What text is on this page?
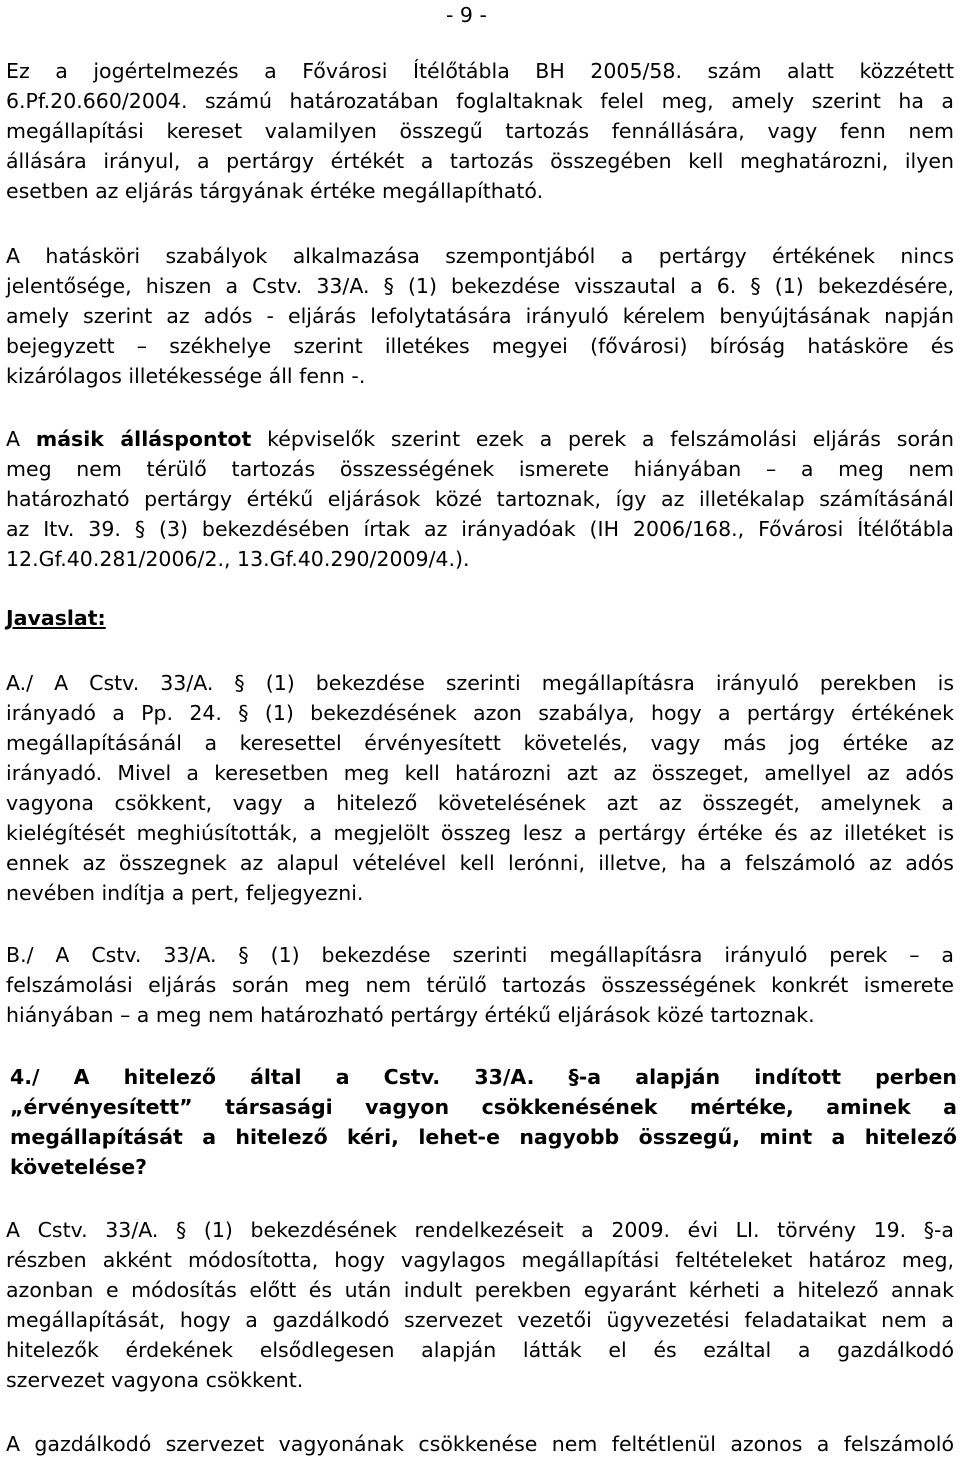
- 9 -

Ez a jogértelmezés a Fővárosi Ítélőtábla BH 2005/58. szám alatt közzétett
6.Pf.20.660/2004. számú határozatában foglaltaknak felel meg, amely szerint ha a
megállapítási kereset valamilyen összegű tartozás fennállására, vagy fenn nem
állására irányul, a pertárgy értékét a tartozás összegében kell meghatározni, ilyen
esetben az eljárás tárgyának értéke megállapítható.

A hatásköri szabályok alkalmazása szempontjából a pertárgy értékének nincs
jelentősége, hiszen a Cstv. 33/A. § (1) bekezdése visszautal a 6. § (1) bekezdésére,
amely szerint az adós - eljárás lefolytatására irányuló kérelem benyújtásának napján
bejegyzett – székhelye szerint illetékes megyei (fővárosi) bíróság hatásköre és
kizárólagos illetékessége áll fenn -.

A másik álláspontot képviselők szerint ezek a perek a felszámolási eljárás során
meg nem térülő tartozás összességének ismerete hiányában – a meg nem
határozható pertárgy értékű eljárások közé tartoznak, így az illetékalap számításánál
az Itv. 39. § (3) bekezdésében írtak az irányadóak (IH 2006/168., Fővárosi Ítélőtábla
12.Gf.40.281/2006/2., 13.Gf.40.290/2009/4.).

Javaslat:

A./ A Cstv. 33/A. § (1) bekezdése szerinti megállapításra irányuló perekben is
irányadó a Pp. 24. § (1) bekezdésének azon szabálya, hogy a pertárgy értékének
megállapításánál a keresettel érvényesített követelés, vagy más jog értéke az
irányadó. Mivel a keresetben meg kell határozni azt az összeget, amellyel az adós
vagyona csökkent, vagy a hitelező követelésének azt az összegét, amelynek a
kielégítését meghiúsították, a megjelölt összeg lesz a pertárgy értéke és az illetéket is
ennek az összegnek az alapul vételével kell lerónni, illetve, ha a felszámoló az adós
nevében indítja a pert, feljegyezni.

B./ A Cstv. 33/A. § (1) bekezdése szerinti megállapításra irányuló perek – a
felszámolási eljárás során meg nem térülő tartozás összességének konkrét ismerete
hiányában – a meg nem határozható pertárgy értékű eljárások közé tartoznak.

4./ A hitelező által a Cstv. 33/A. §-a alapján indított perben
„érvényesített” társasági vagyon csökkenésének mértéke, aminek a
megállapítását a hitelező kéri, lehet-e nagyobb összegű, mint a hitelező
követelése?

A Cstv. 33/A. § (1) bekezdésének rendelkezéseit a 2009. évi LI. törvény 19. §-a
részben akként módosította, hogy vagylagos megállapítási feltételeket határoz meg,
azonban e módosítás előtt és után indult perekben egyaránt kérheti a hitelező annak
megállapítását, hogy a gazdálkodó szervezet vezetői ügyvezetési feladataikat nem a
hitelezők érdekének elsődlegesen alapján látták el és ezáltal a gazdálkodó
szervezet vagyona csökkent.

A gazdálkodó szervezet vagyonának csökkenése nem feltétlenül azonos a felszámoló
